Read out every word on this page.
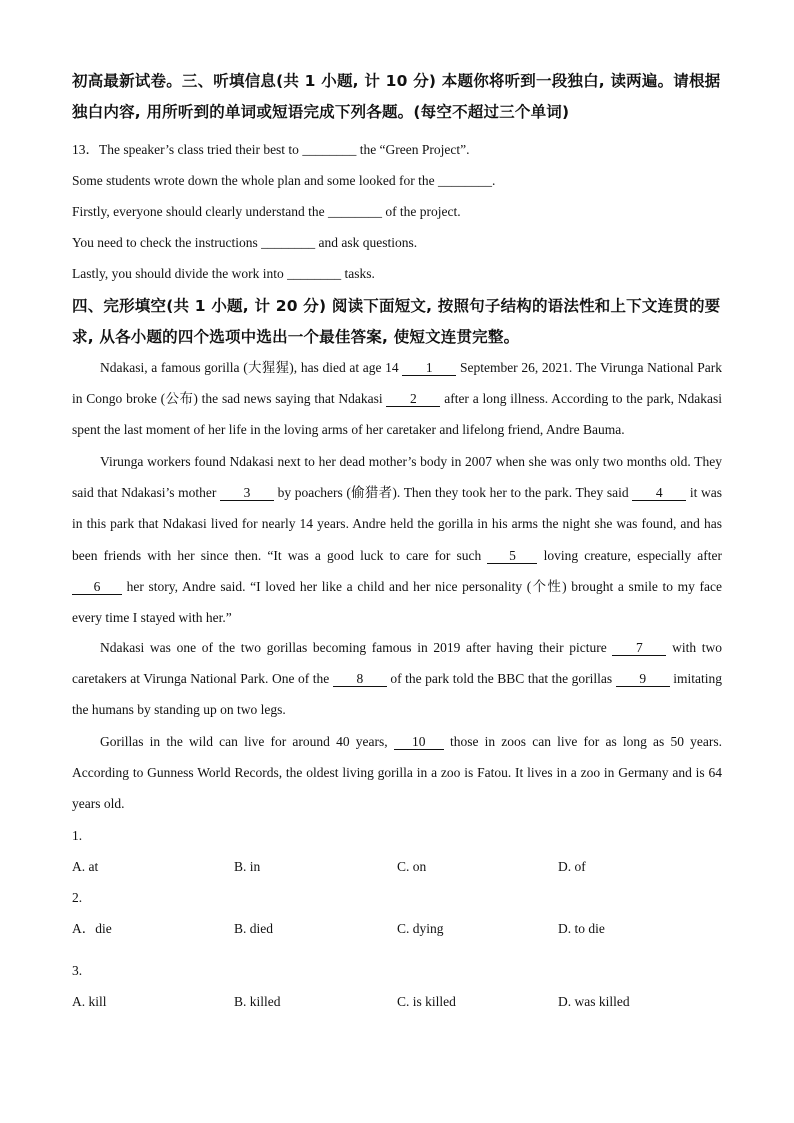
初高最新试卷。三、听填信息(共 1 小题, 计 10 分) 本题你将听到一段独白, 读两遍。请根据独白内容, 用所听到的单词或短语完成下列各题。(每空不超过三个单词)
13．The speaker’s class tried their best to ________ the “Green Project”.
Some students wrote down the whole plan and some looked for the ________.
Firstly, everyone should clearly understand the ________ of the project.
You need to check the instructions ________ and ask questions.
Lastly, you should divide the work into ________ tasks.
四、完形填空(共 1 小题, 计 20 分) 阅读下面短文, 按照句子结构的语法性和上下文连贯的要求, 从各小题的四个选项中选出一个最佳答案, 使短文连贯完整。
Ndakasi, a famous gorilla (大猩猩), has died at age 14 1 September 26, 2021. The Virunga National Park in Congo broke (公布) the sad news saying that Ndakasi 2 after a long illness. According to the park, Ndakasi spent the last moment of her life in the loving arms of her caretaker and lifelong friend, Andre Bauma.
Virunga workers found Ndakasi next to her dead mother’s body in 2007 when she was only two months old. They said that Ndakasi’s mother 3 by poachers (偷猎者). Then they took her to the park. They said 4 it was in this park that Ndakasi lived for nearly 14 years. Andre held the gorilla in his arms the night she was found, and has been friends with her since then. “It was a good luck to care for such 5 loving creature, especially after 6 her story, Andre said. “I loved her like a child and her nice personality (个性) brought a smile to my face every time I stayed with her.”
Ndakasi was one of the two gorillas becoming famous in 2019 after having their picture 7 with two caretakers at Virunga National Park. One of the 8 of the park told the BBC that the gorillas 9 imitating the humans by standing up on two legs.
Gorillas in the wild can live for around 40 years, 10 those in zoos can live for as long as 50 years. According to Gunness World Records, the oldest living gorilla in a zoo is Fatou. It lives in a zoo in Germany and is 64 years old.
1.
A. at	B. in	C. on	D. of
2.
A．die	B. died	C. dying	D. to die
3.
A. kill	B. killed	C. is killed	D. was killed
